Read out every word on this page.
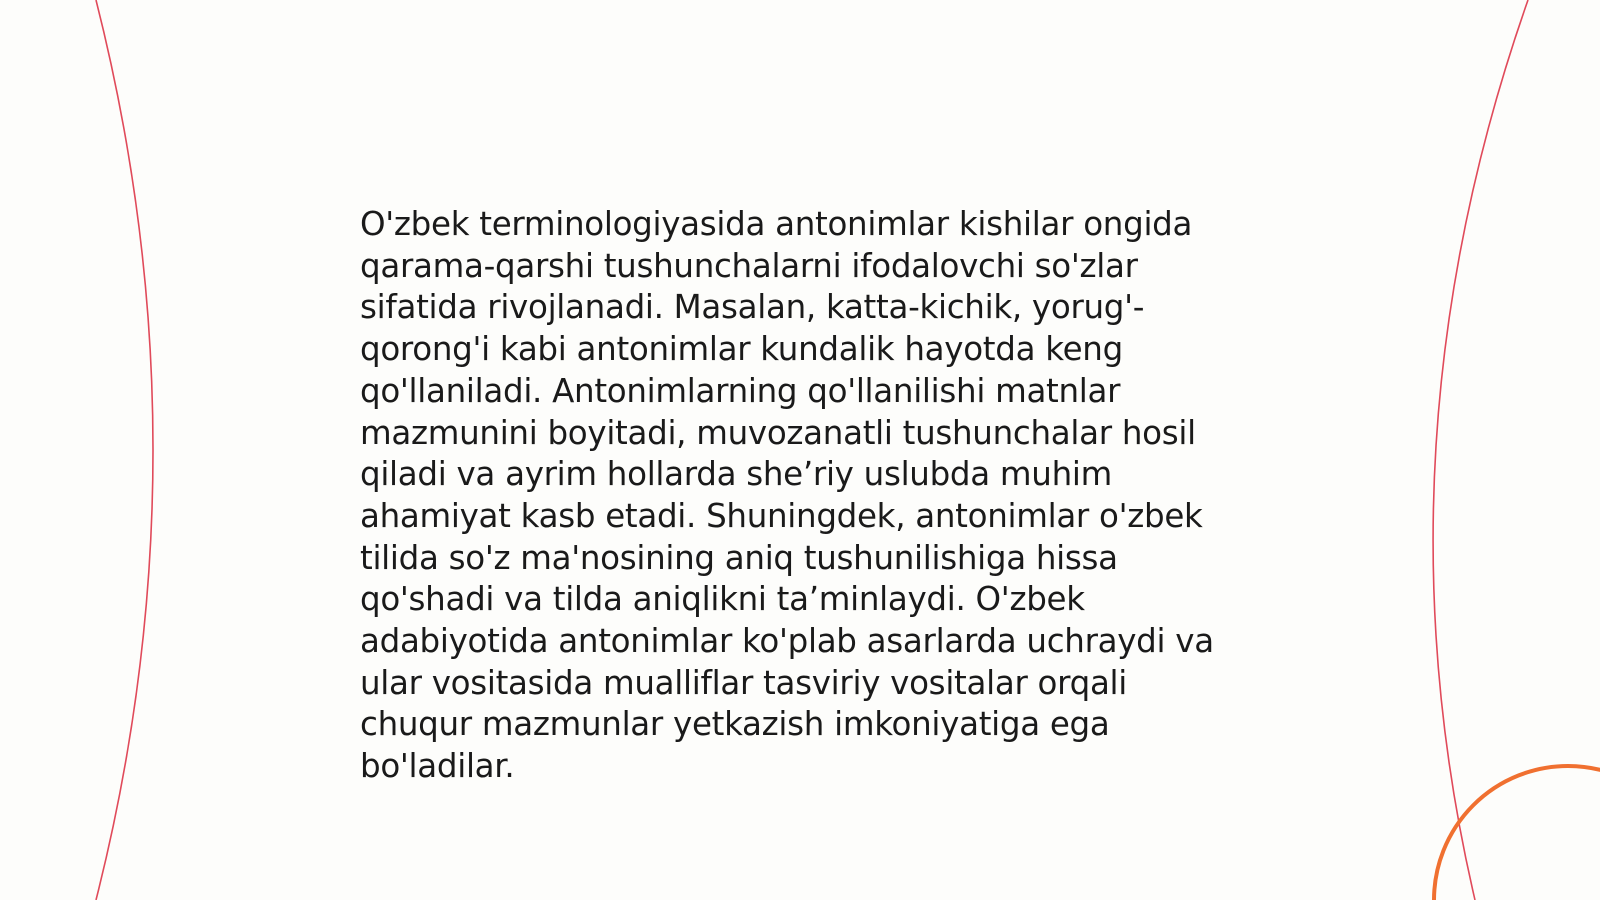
O'zbek terminologiyasida antonimlar kishilar ongida
qarama-qarshi tushunchalarni ifodalovchi so'zlar
sifatida rivojlanadi. Masalan, katta-kichik, yorug'-
qorong'i kabi antonimlar kundalik hayotda keng
qo'llaniladi. Antonimlarning qo'llanilishi matnlar
mazmunini boyitadi, muvozanatli tushunchalar hosil
qiladi va ayrim hollarda she’riy uslubda muhim
ahamiyat kasb etadi. Shuningdek, antonimlar o'zbek
tilida so'z ma'nosining aniq tushunilishiga hissa
qo'shadi va tilda aniqlikni ta’minlaydi. O'zbek
adabiyotida antonimlar ko'plab asarlarda uchraydi va
ular vositasida mualliflar tasviriy vositalar orqali
chuqur mazmunlar yetkazish imkoniyatiga ega
bo'ladilar.
